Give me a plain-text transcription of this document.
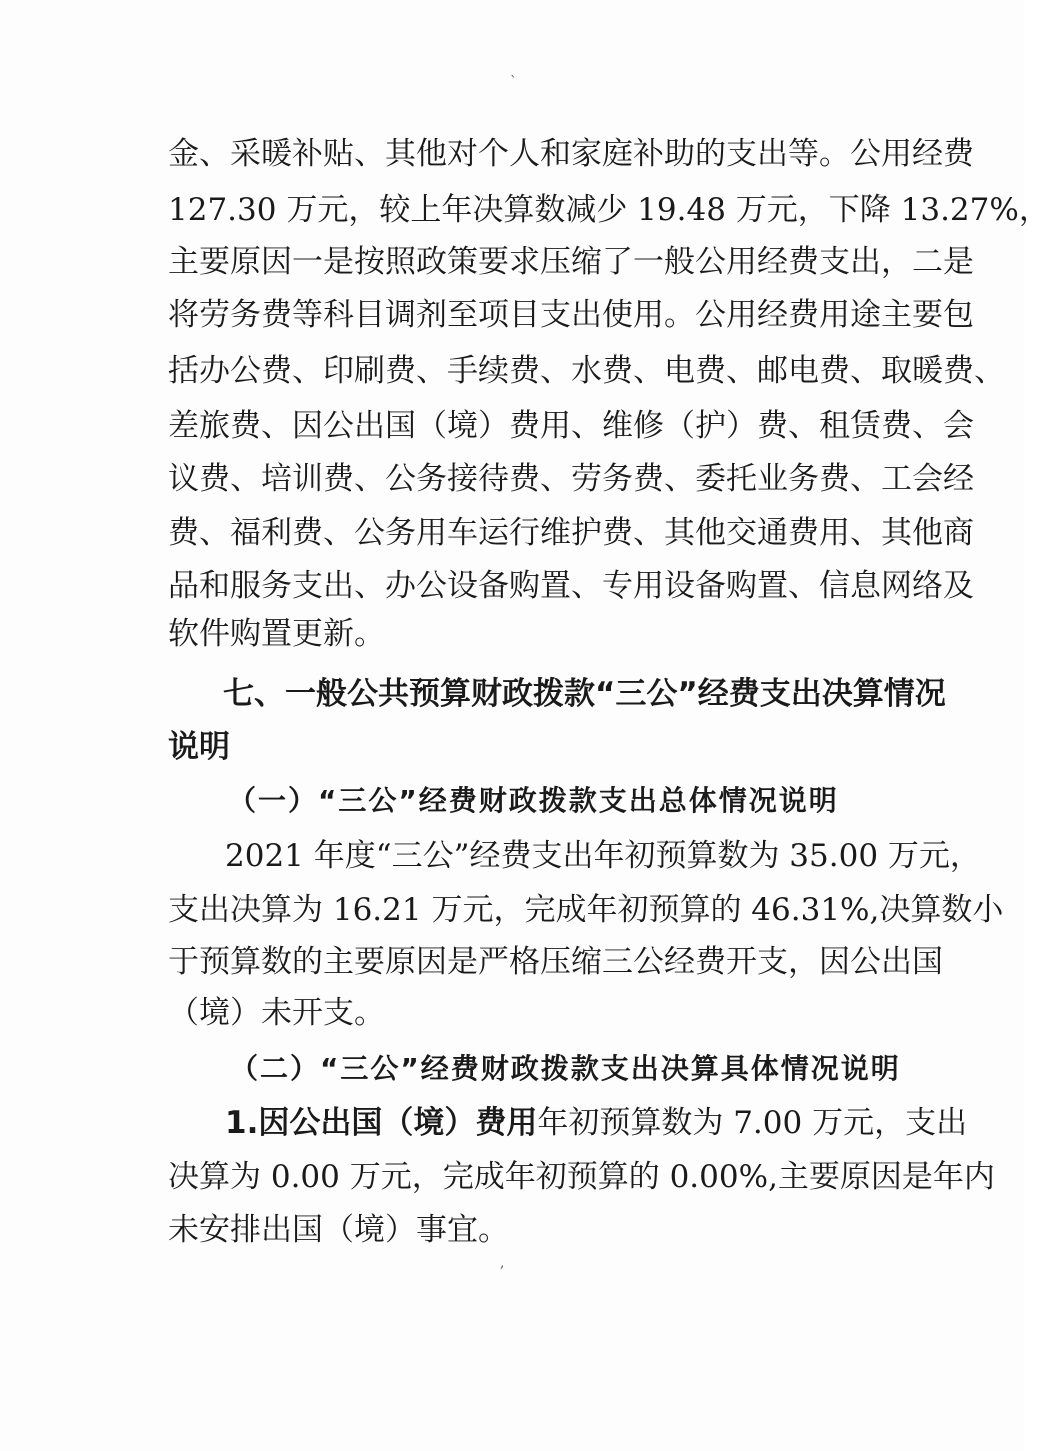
`
金、采暖补贴、其他对个人和家庭补助的支出等。公用经费
127.30 万元，较上年决算数减少 19.48 万元，下降 13.27%，
主要原因一是按照政策要求压缩了一般公用经费支出，二是
将劳务费等科目调剂至项目支出使用。公用经费用途主要包
括办公费、印刷费、手续费、水费、电费、邮电费、取暖费、
差旅费、因公出国（境）费用、维修（护）费、租赁费、会
议费、培训费、公务接待费、劳务费、委托业务费、工会经
费、福利费、公务用车运行维护费、其他交通费用、其他商
品和服务支出、办公设备购置、专用设备购置、信息网络及
软件购置更新。
七、一般公共预算财政拨款“三公”经费支出决算情况
说明
（一）“三公”经费财政拨款支出总体情况说明
2021 年度“三公”经费支出年初预算数为 35.00 万元，
支出决算为 16.21 万元，完成年初预算的 46.31%,决算数小
于预算数的主要原因是严格压缩三公经费开支，因公出国
（境）未开支。
（二）“三公”经费财政拨款支出决算具体情况说明
1.因公出国（境）费用 年初预算数为 7.00 万元，支出
决算为 0.00 万元，完成年初预算的 0.00%,主要原因是年内
未安排出国（境）事宜。
,
